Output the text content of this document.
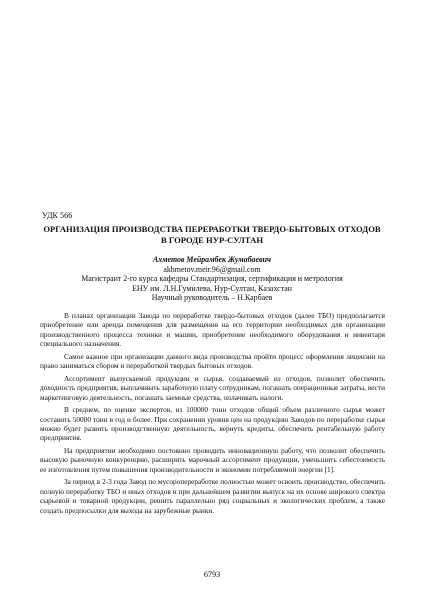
УДК 566
ОРГАНИЗАЦИЯ ПРОИЗВОДСТВА ПЕРЕРАБОТКИ ТВЕРДО-БЫТОВЫХ ОТХОДОВ
В ГОРОДЕ НУР-СУЛТАН
Ахметов Мейрамбек Жумабаевич
akhmetov.meir.96@gmail.com
Магистрант 2-го курса кафедры Стандартизация, сертификация и метрология
ЕНУ им. Л.Н.Гумилева, Нур-Султан, Казахстан
Научный руководитель – Н.Карбаев

В планах организации Завода по переработке твердо-бытовых отходов (далее ТБО) предполагается приобретение или аренда помещения для размещения на его территории необходимых для организации производственного процесса техники и машин, приобретение необходимого оборудования и инвентаря специального назначения.

Самое важное при организации данного вида производства пройти процесс оформления лицензии на право заниматься сбором и переработкой твердых бытовых отходов.

Ассортимент выпускаемой продукции и сырья, создаваемый из отходов, позволит обеспечить доходность предприятия, выплачивать заработную плату сотрудникам, погашать операционные затраты, вести маркетинговую деятельность, погашать заемные средства, оплачивать налоги.

В среднем, по оценке экспертов, из 100000 тонн отходов общий объем различного сырья может составить 50000 тонн в год и более. При сохранении уровня цен на продукцию Заводов по переработке сырья можно будет развить производственную деятельность, вернуть кредиты, обеспечить рентабельную работу предприятия.

На предприятии необходимо постоянно проводить инновационную работу, что позволит обеспечить высокую рыночную конкуренцию, расширить марочный ассортимент продукции, уменьшить себестоимость ее изготовления путем повышения производительности и экономии потребляемой энергии [1].

За период в 2-3 года Завод по мусоропереработке полностью может освоить производство, обеспечить полную переработку ТБО и иных отходов и при дальнейшем развитии выпуск на их основе широкого спектра сырьевой и товарной продукции, решить параллельно ряд социальных и экологических проблем, а также создать предпосылки для выхода на зарубежные рынки.

6793
